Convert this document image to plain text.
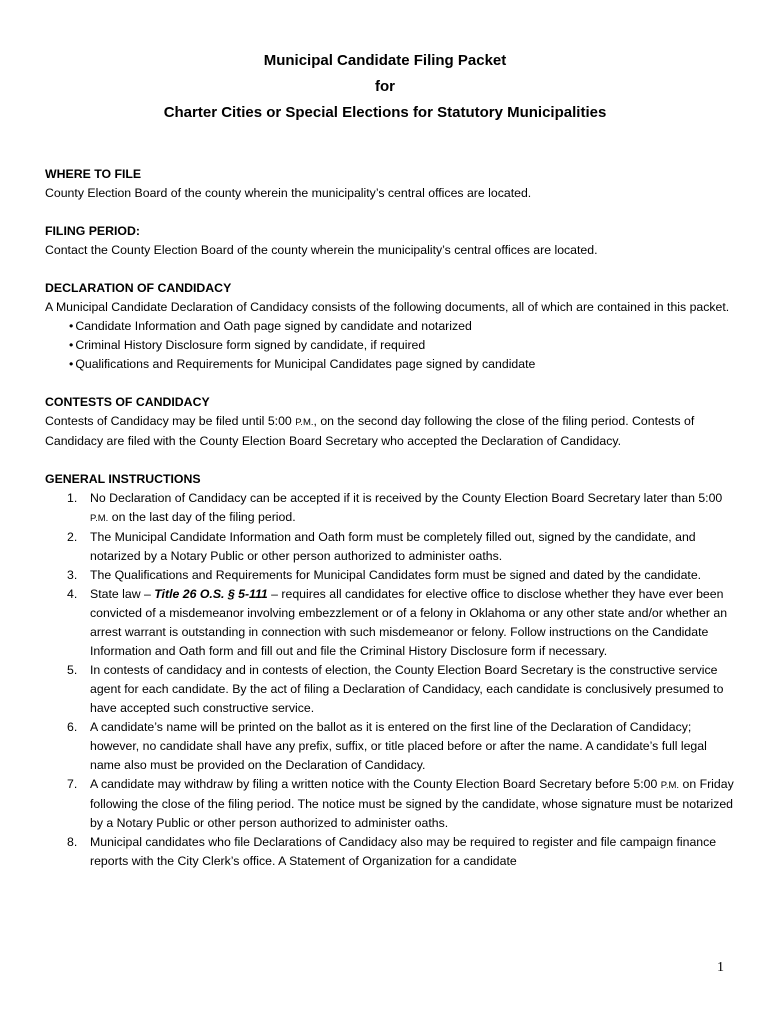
Municipal Candidate Filing Packet
for
Charter Cities or Special Elections for Statutory Municipalities
WHERE TO FILE

County Election Board of the county wherein the municipality’s central offices are located.

FILING PERIOD:

Contact the County Election Board of the county wherein the municipality’s central offices are located.

DECLARATION OF CANDIDACY

A Municipal Candidate Declaration of Candidacy consists of the following documents, all of which are contained in this packet.

• Candidate Information and Oath page signed by candidate and notarized
• Criminal History Disclosure form signed by candidate, if required
• Qualifications and Requirements for Municipal Candidates page signed by candidate
CONTESTS OF CANDIDACY

Contests of Candidacy may be filed until 5:00 P.M., on the second day following the close of the filing period. Contests of Candidacy are filed with the County Election Board Secretary who accepted the Declaration of Candidacy.

GENERAL INSTRUCTIONS
1. No Declaration of Candidacy can be accepted if it is received by the County Election Board Secretary later than 5:00 P.M. on the last day of the filing period.
2. The Municipal Candidate Information and Oath form must be completely filled out, signed by the candidate, and notarized by a Notary Public or other person authorized to administer oaths.
3. The Qualifications and Requirements for Municipal Candidates form must be signed and dated by the candidate.
4. State law – Title 26 O.S. § 5-111 – requires all candidates for elective office to disclose whether they have ever been convicted of a misdemeanor involving embezzlement or of a felony in Oklahoma or any other state and/or whether an arrest warrant is outstanding in connection with such misdemeanor or felony. Follow instructions on the Candidate Information and Oath form and fill out and file the Criminal History Disclosure form if necessary.
5. In contests of candidacy and in contests of election, the County Election Board Secretary is the constructive service agent for each candidate. By the act of filing a Declaration of Candidacy, each candidate is conclusively presumed to have accepted such constructive service.
6. A candidate’s name will be printed on the ballot as it is entered on the first line of the Declaration of Candidacy; however, no candidate shall have any prefix, suffix, or title placed before or after the name. A candidate’s full legal name also must be provided on the Declaration of Candidacy.
7. A candidate may withdraw by filing a written notice with the County Election Board Secretary before 5:00 P.M. on Friday following the close of the filing period. The notice must be signed by the candidate, whose signature must be notarized by a Notary Public or other person authorized to administer oaths.
8. Municipal candidates who file Declarations of Candidacy also may be required to register and file campaign finance reports with the City Clerk’s office. A Statement of Organization for a candidate
1
